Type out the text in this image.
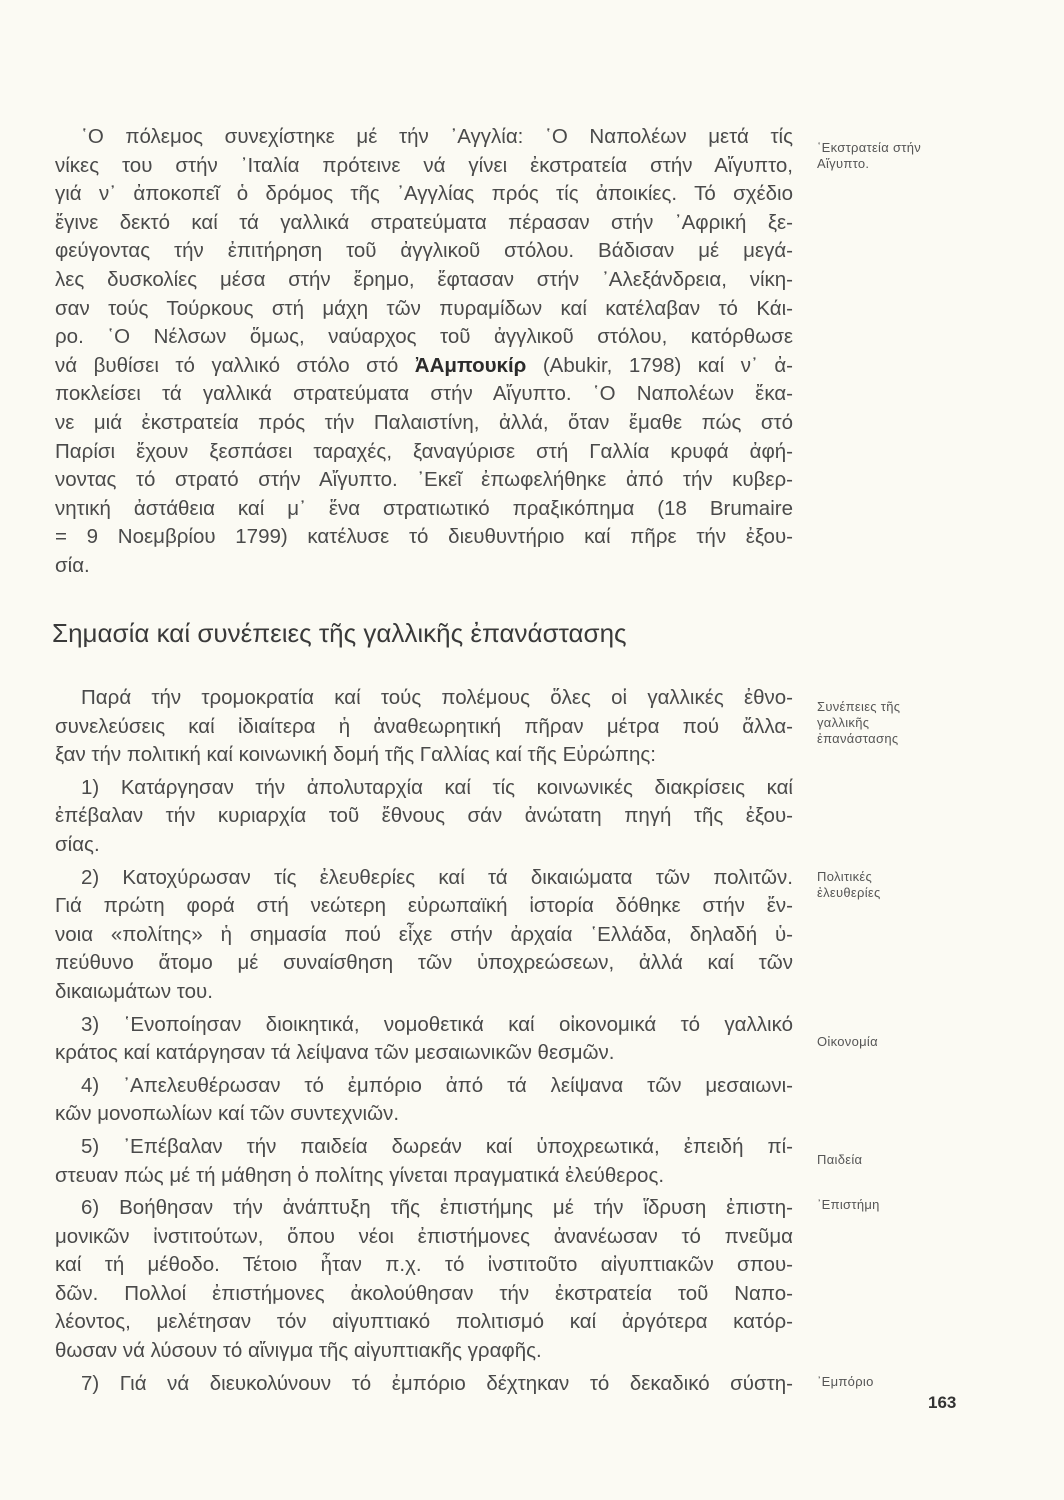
῾Ο πόλεμος συνεχίστηκε μέ τήν ᾿Αγγλία: ῾Ο Ναπολέων μετά τίς
νίκες του στήν ᾿Ιταλία πρότεινε νά γίνει ἐκστρατεία στήν Αἴγυπτο,
γιά ν᾿ ἀποκοπεῖ ὁ δρόμος τῆς ᾿Αγγλίας πρός τίς ἀποικίες. Τό σχέδιο
ἔγινε δεκτό καί τά γαλλικά στρατεύματα πέρασαν στήν ᾿Αφρική ξε-
φεύγοντας τήν ἐπιτήρηση τοῦ ἀγγλικοῦ στόλου. Βάδισαν μέ μεγά-
λες δυσκολίες μέσα στήν ἔρημο, ἔφτασαν στήν ᾿Αλεξάνδρεια, νίκη-
σαν τούς Τούρκους στή μάχη τῶν πυραμίδων καί κατέλαβαν τό Κάι-
ρο. ῾Ο Νέλσων ὅμως, ναύαρχος τοῦ ἀγγλικοῦ στόλου, κατόρθωσε
νά βυθίσει τό γαλλικό στόλο στό ἈΑμπουκίρ (Abukir, 1798) καί ν᾿ ἀ-
ποκλείσει τά γαλλικά στρατεύματα στήν Αἴγυπτο. ῾Ο Ναπολέων ἔκα-
νε μιά ἐκστρατεία πρός τήν Παλαιστίνη, ἀλλά, ὅταν ἔμαθε πώς στό
Παρίσι ἔχουν ξεσπάσει ταραχές, ξαναγύρισε στή Γαλλία κρυφά ἀφή-
νοντας τό στρατό στήν Αἴγυπτο. ᾿Εκεῖ ἐπωφελήθηκε ἀπό τήν κυβερ-
νητική ἀστάθεια καί μ᾿ ἕνα στρατιωτικό πραξικόπημα (18 Brumaire
= 9 Νοεμβρίου 1799) κατέλυσε τό διευθυντήριο καί πῆρε τήν ἐξου-
σία.
Σημασία καί συνέπειες τῆς γαλλικῆς ἐπανάστασης
Παρά τήν τρομοκρατία καί τούς πολέμους ὅλες οἱ γαλλικές ἐθνο-
συνελεύσεις καί ἰδιαίτερα ἡ ἀναθεωρητική πῆραν μέτρα πού ἄλλα-
ξαν τήν πολιτική καί κοινωνική δομή τῆς Γαλλίας καί τῆς Εὐρώπης:
1) Κατάργησαν τήν ἀπολυταρχία καί τίς κοινωνικές διακρίσεις καί
ἐπέβαλαν τήν κυριαρχία τοῦ ἔθνους σάν ἀνώτατη πηγή τῆς ἐξου-
σίας.
2) Κατοχύρωσαν τίς ἐλευθερίες καί τά δικαιώματα τῶν πολιτῶν.
Γιά πρώτη φορά στή νεώτερη εὐρωπαϊκή ἱστορία δόθηκε στήν ἔν-
νοια «πολίτης» ἡ σημασία πού εἶχε στήν ἀρχαία ῾Ελλάδα, δηλαδή ὑ-
πεύθυνο ἄτομο μέ συναίσθηση τῶν ὑποχρεώσεων, ἀλλά καί τῶν
δικαιωμάτων του.
3) ῾Ενοποίησαν διοικητικά, νομοθετικά καί οἰκονομικά τό γαλλικό
κράτος καί κατάργησαν τά λείψανα τῶν μεσαιωνικῶν θεσμῶν.
4) ᾿Απελευθέρωσαν τό ἐμπόριο ἀπό τά λείψανα τῶν μεσαιωνι-
κῶν μονοπωλίων καί τῶν συντεχνιῶν.
5) ᾿Επέβαλαν τήν παιδεία δωρεάν καί ὑποχρεωτικά, ἐπειδή πί-
στευαν πώς μέ τή μάθηση ὁ πολίτης γίνεται πραγματικά ἐλεύθερος.
6) Βοήθησαν τήν ἀνάπτυξη τῆς ἐπιστήμης μέ τήν ἵδρυση ἐπιστη-
μονικῶν ἰνστιτούτων, ὅπου νέοι ἐπιστήμονες ἀνανέωσαν τό πνεῦμα
καί τή μέθοδο. Τέτοιο ἦταν π.χ. τό ἰνστιτοῦτο αἰγυπτιακῶν σπου-
δῶν. Πολλοί ἐπιστήμονες ἀκολούθησαν τήν ἐκστρατεία τοῦ Ναπο-
λέοντος, μελέτησαν τόν αἰγυπτιακό πολιτισμό καί ἀργότερα κατόρ-
θωσαν νά λύσουν τό αἴνιγμα τῆς αἰγυπτιακῆς γραφῆς.
7) Γιά νά διευκολύνουν τό ἐμπόριο δέχτηκαν τό δεκαδικό σύστη-
῾Εκστρατεία στήν
Αἴγυπτο.
Συνέπειες τῆς
γαλλικῆς
ἐπανάστασης
Πολιτικές
ἐλευθερίες
Οἰκονομία
Παιδεία
᾿Επιστήμη
᾿Εμπόριο
163
